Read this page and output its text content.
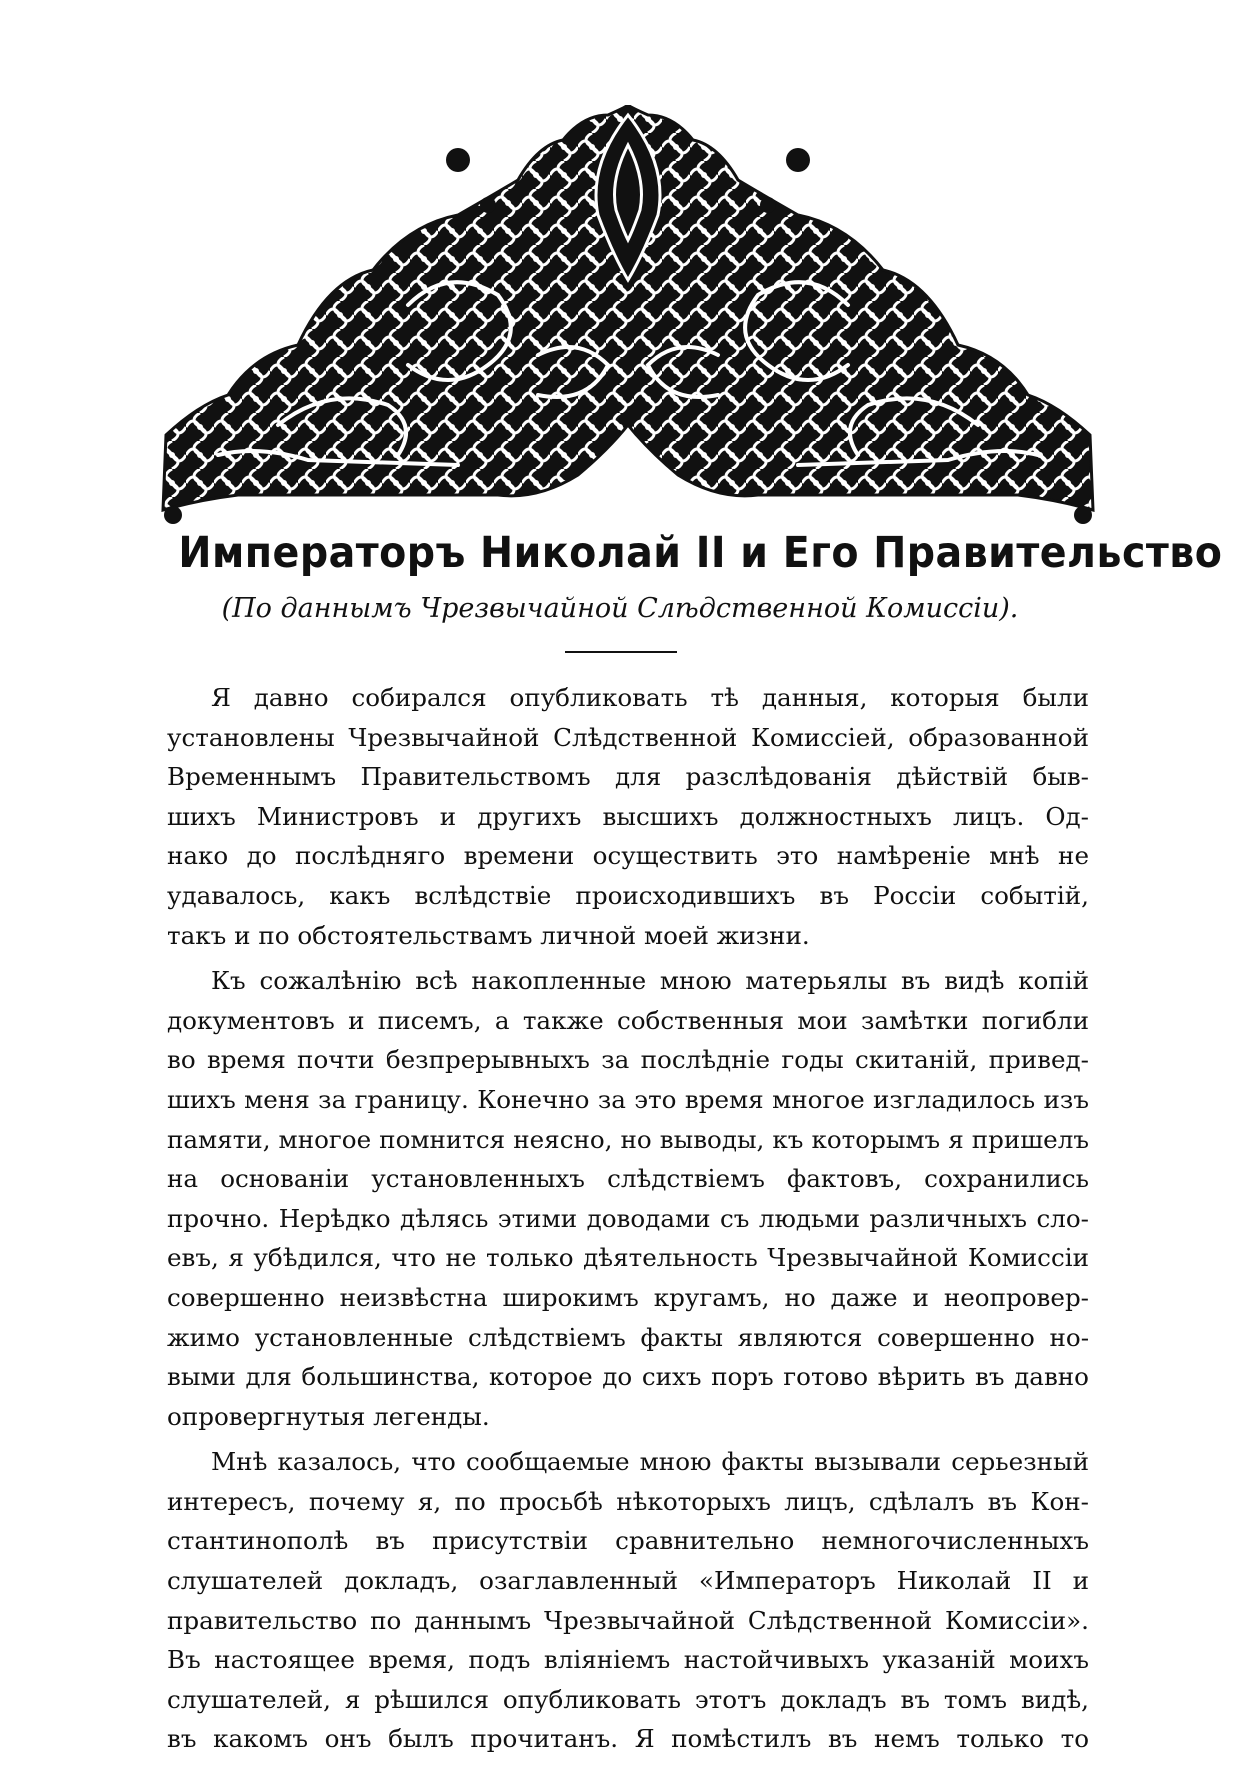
Императоръ Николай II и Его Правительство
(По даннымъ Чрезвычайной Слѣдственной Комиссіи).

Я давно собирался опубликовать тѣ данныя, которыя были
установлены Чрезвычайной Слѣдственной Комиссіей, образованной
Временнымъ Правительствомъ для разслѣдованія дѣйствій быв-
шихъ Министровъ и другихъ высшихъ должностныхъ лицъ. Од-
нако до послѣдняго времени осуществить это намѣреніе мнѣ не
удавалось, какъ вслѣдствіе происходившихъ въ Россіи событій,
такъ и по обстоятельствамъ личной моей жизни.

Къ сожалѣнію всѣ накопленные мною матерьялы въ видѣ копій
документовъ и писемъ, а также собственныя мои замѣтки погибли
во время почти безпрерывныхъ за послѣдніе годы скитаній, привед-
шихъ меня за границу. Конечно за это время многое изгладилось изъ
памяти, многое помнится неясно, но выводы, къ которымъ я пришелъ
на основаніи установленныхъ слѣдствіемъ фактовъ, сохранились
прочно. Нерѣдко дѣлясь этими доводами съ людьми различныхъ сло-
евъ, я убѣдился, что не только дѣятельность Чрезвычайной Комиссіи
совершенно неизвѣстна широкимъ кругамъ, но даже и неопровер-
жимо установленные слѣдствіемъ факты являются совершенно но-
выми для большинства, которое до сихъ поръ готово вѣрить въ давно
опровергнутыя легенды.

Мнѣ казалось, что сообщаемые мною факты вызывали серьезный
интересъ, почему я, по просьбѣ нѣкоторыхъ лицъ, сдѣлалъ въ Кон-
стантинополѣ въ присутствіи сравнительно немногочисленныхъ
слушателей докладъ, озаглавленный «Императоръ Николай II и
правительство по даннымъ Чрезвычайной Слѣдственной Комиссіи».
Въ настоящее время, подъ вліяніемъ настойчивыхъ указаній моихъ
слушателей, я рѣшился опубликовать этотъ докладъ въ томъ видѣ,
въ какомъ онъ былъ прочитанъ. Я помѣстилъ въ немъ только то
